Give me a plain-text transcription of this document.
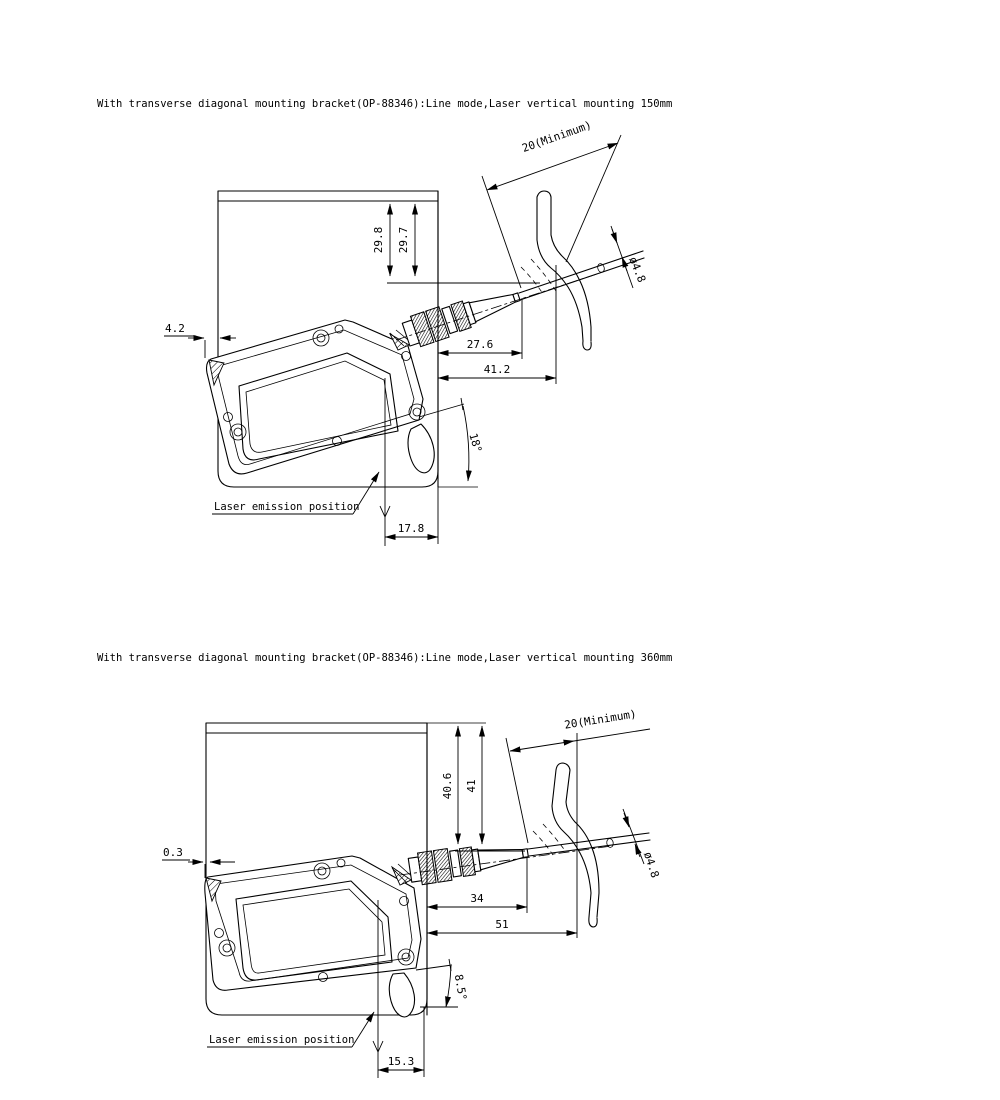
With transverse diagonal mounting bracket(OP-88346):Line mode,Laser vertical mounting 150mm
29.8 29.7
20(Minimum)
ø4.8
4.2
27.6
41.2
18°
Laser emission position
17.8
With transverse diagonal mounting bracket(OP-88346):Line mode,Laser vertical mounting 360mm
40.6 41
20(Minimum)
ø4.8
0.3
34
51
8.5°
Laser emission position
15.3
